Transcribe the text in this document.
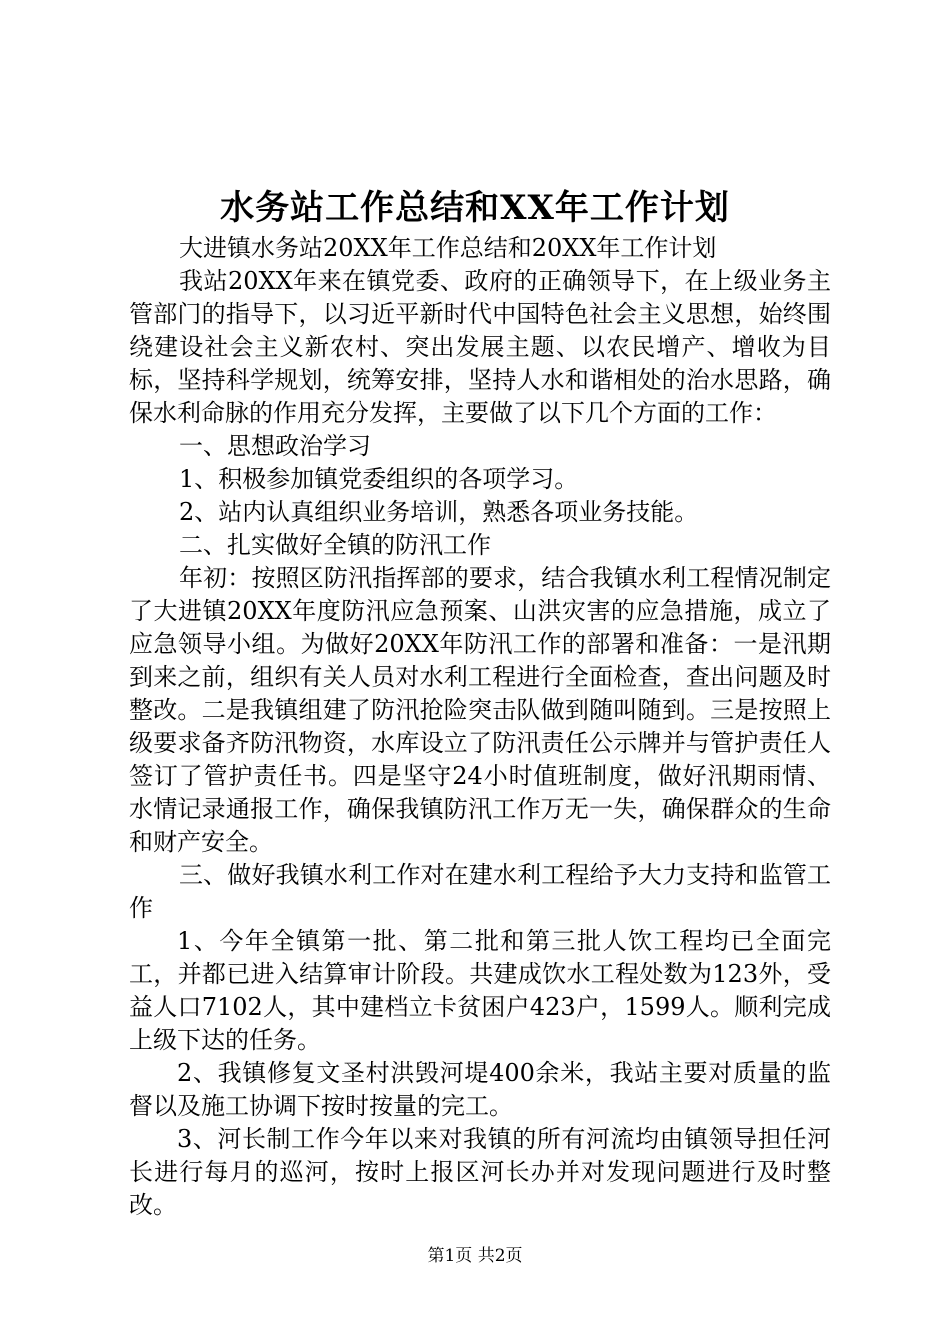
水务站工作总结和XX年工作计划

大进镇水务站20XX年工作总结和20XX年工作计划

我站20XX年来在镇党委、政府的正确领导下，在上级业务主管部门的指导下，以习近平新时代中国特色社会主义思想，始终围绕建设社会主义新农村、突出发展主题、以农民增产、增收为目标，坚持科学规划，统筹安排，坚持人水和谐相处的治水思路，确保水利命脉的作用充分发挥，主要做了以下几个方面的工作：

一、思想政治学习

1、积极参加镇党委组织的各项学习。

2、站内认真组织业务培训，熟悉各项业务技能。

二、扎实做好全镇的防汛工作

年初：按照区防汛指挥部的要求，结合我镇水利工程情况制定了大进镇20XX年度防汛应急预案、山洪灾害的应急措施，成立了应急领导小组。为做好20XX年防汛工作的部署和准备：一是汛期到来之前，组织有关人员对水利工程进行全面检查，查出问题及时整改。二是我镇组建了防汛抢险突击队做到随叫随到。三是按照上级要求备齐防汛物资，水库设立了防汛责任公示牌并与管护责任人签订了管护责任书。四是坚守24小时值班制度，做好汛期雨情、水情记录通报工作，确保我镇防汛工作万无一失，确保群众的生命和财产安全。

三、做好我镇水利工作对在建水利工程给予大力支持和监管工作

1、今年全镇第一批、第二批和第三批人饮工程均已全面完工，并都已进入结算审计阶段。共建成饮水工程处数为123外，受益人口7102人，其中建档立卡贫困户423户，1599人。顺利完成上级下达的任务。

2、我镇修复文圣村洪毁河堤400余米，我站主要对质量的监督以及施工协调下按时按量的完工。

3、河长制工作今年以来对我镇的所有河流均由镇领导担任河长进行每月的巡河，按时上报区河长办并对发现问题进行及时整改。

第1页 共2页
